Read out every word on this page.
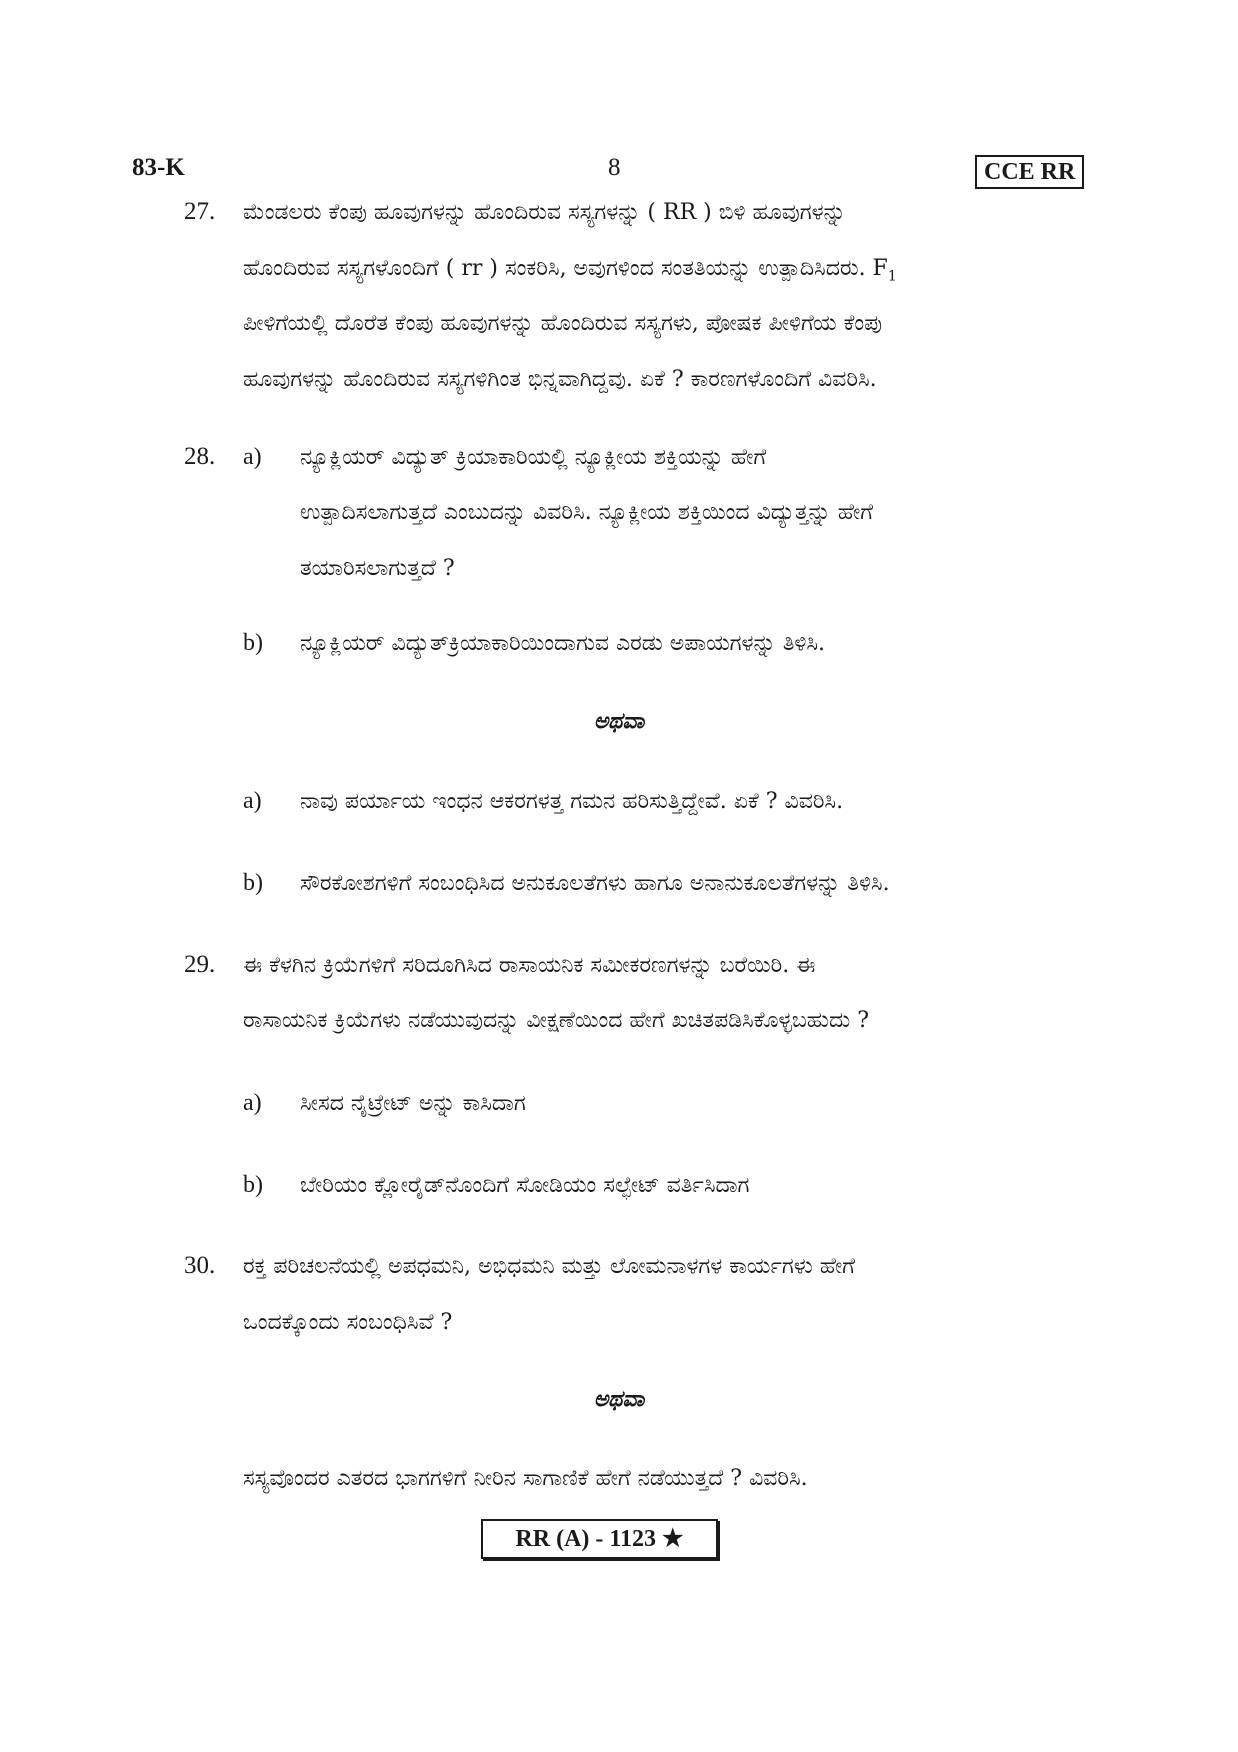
83-K	8	CCE RR
27. ಮೆಂಡಲರು ಕೆಂಪು ಹೂವುಗಳನ್ನು ಹೊಂದಿರುವ ಸಸ್ಯಗಳನ್ನು ( RR ) ಬಿಳಿ ಹೂವುಗಳನ್ನು
ಹೊಂದಿರುವ ಸಸ್ಯಗಳೊಂದಿಗೆ ( rr ) ಸಂಕರಿಸಿ, ಅವುಗಳಿಂದ ಸಂತತಿಯನ್ನು ಉತ್ಪಾದಿಸಿದರು. $F_1$
ಪೀಳಿಗೆಯಲ್ಲಿ ದೊರೆತ ಕೆಂಪು ಹೂವುಗಳನ್ನು ಹೊಂದಿರುವ ಸಸ್ಯಗಳು, ಪೋಷಕ ಪೀಳಿಗೆಯ ಕೆಂಪು
ಹೂವುಗಳನ್ನು ಹೊಂದಿರುವ ಸಸ್ಯಗಳಿಗಿಂತ ಭಿನ್ನವಾಗಿದ್ದವು. ಏಕೆ ? ಕಾರಣಗಳೊಂದಿಗೆ ವಿವರಿಸಿ.
28. a) ನ್ಯೂಕ್ಲಿಯರ್ ವಿದ್ಯುತ್ ಕ್ರಿಯಾಕಾರಿಯಲ್ಲಿ ನ್ಯೂಕ್ಲೀಯ ಶಕ್ತಿಯನ್ನು ಹೇಗೆ
ಉತ್ಪಾದಿಸಲಾಗುತ್ತದೆ ಎಂಬುದನ್ನು ವಿವರಿಸಿ. ನ್ಯೂಕ್ಲೀಯ ಶಕ್ತಿಯಿಂದ ವಿದ್ಯುತ್ತನ್ನು ಹೇಗೆ
ತಯಾರಿಸಲಾಗುತ್ತದೆ ?
b) ನ್ಯೂಕ್ಲಿಯರ್ ವಿದ್ಯುತ್‌ಕ್ರಿಯಾಕಾರಿಯಿಂದಾಗುವ ಎರಡು ಅಪಾಯಗಳನ್ನು ತಿಳಿಸಿ.
ಅಥವಾ
a) ನಾವು ಪರ್ಯಾಯ ಇಂಧನ ಆಕರಗಳತ್ತ ಗಮನ ಹರಿಸುತ್ತಿದ್ದೇವೆ. ಏಕೆ ? ವಿವರಿಸಿ.
b) ಸೌರಕೋಶಗಳಿಗೆ ಸಂಬಂಧಿಸಿದ ಅನುಕೂಲತೆಗಳು ಹಾಗೂ ಅನಾನುಕೂಲತೆಗಳನ್ನು ತಿಳಿಸಿ.
29. ಈ ಕೆಳಗಿನ ಕ್ರಿಯೆಗಳಿಗೆ ಸರಿದೂಗಿಸಿದ ರಾಸಾಯನಿಕ ಸಮೀಕರಣಗಳನ್ನು ಬರೆಯಿರಿ. ಈ
ರಾಸಾಯನಿಕ ಕ್ರಿಯೆಗಳು ನಡೆಯುವುದನ್ನು ವೀಕ್ಷಣೆಯಿಂದ ಹೇಗೆ ಖಚಿತಪಡಿಸಿಕೊಳ್ಳಬಹುದು ?
a) ಸೀಸದ ನೈಟ್ರೇಟ್ ಅನ್ನು ಕಾಸಿದಾಗ
b) ಬೇರಿಯಂ ಕ್ಲೋರೈಡ್‌ನೊಂದಿಗೆ ಸೋಡಿಯಂ ಸಲ್ಫೇಟ್ ವರ್ತಿಸಿದಾಗ
30. ರಕ್ತ ಪರಿಚಲನೆಯಲ್ಲಿ ಅಪಧಮನಿ, ಅಭಿಧಮನಿ ಮತ್ತು ಲೋಮನಾಳಗಳ ಕಾರ್ಯಗಳು ಹೇಗೆ
ಒಂದಕ್ಕೊಂದು ಸಂಬಂಧಿಸಿವೆ ?
ಅಥವಾ
ಸಸ್ಯವೊಂದರ ಎತರದ ಭಾಗಗಳಿಗೆ ನೀರಿನ ಸಾಗಾಣಿಕೆ ಹೇಗೆ ನಡೆಯುತ್ತದೆ ? ವಿವರಿಸಿ.
RR (A) - 1123 ★
